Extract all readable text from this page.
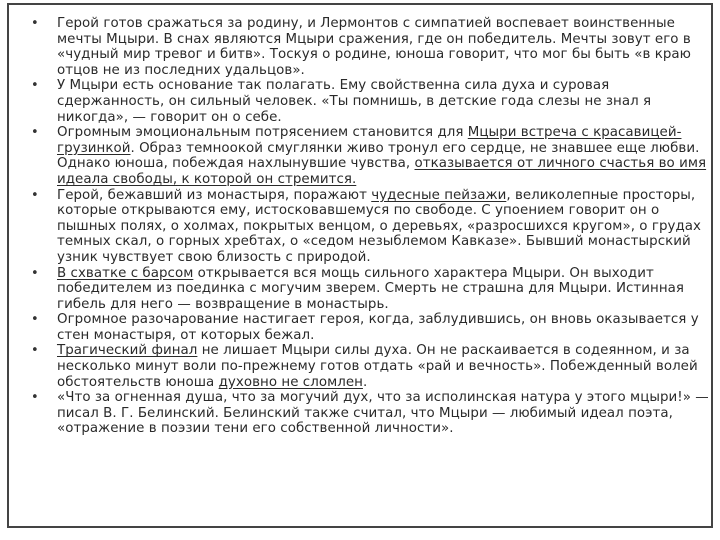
• Герой готов сражаться за родину, и Лермонтов с симпатией воспевает воинственные мечты Мцыри. В снах являются Мцыри сражения, где он победитель. Мечты зовут его в «чудный мир тревог и битв». Тоскуя о родине, юноша говорит, что мог бы быть «в краю отцов не из последних удальцов».
• У Мцыри есть основание так полагать. Ему свойственна сила духа и суровая сдержанность, он сильный человек. «Ты помнишь, в детские года слезы не знал я никогда», — говорит он о себе.
• Огромным эмоциональным потрясением становится для Мцыри встреча с красавицей-грузинкой. Образ темноокой смуглянки живо тронул его сердце, не знавшее еще любви. Однако юноша, побеждая нахлынувшие чувства, отказывается от личного счастья во имя идеала свободы, к которой он стремится.
• Герой, бежавший из монастыря, поражают чудесные пейзажи, великолепные просторы, которые открываются ему, истосковавшемуся по свободе. С упоением говорит он о пышных полях, о холмах, покрытых венцом, о деревьях, «разросшихся кругом», о грудах темных скал, о горных хребтах, о «седом незыблемом Кавказе». Бывший монастырский узник чувствует свою близость с природой.
• В схватке с барсом открывается вся мощь сильного характера Мцыри. Он выходит победителем из поединка с могучим зверем. Смерть не страшна для Мцыри. Истинная гибель для него — возвращение в монастырь.
• Огромное разочарование настигает героя, когда, заблудившись, он вновь оказывается у стен монастыря, от которых бежал.
• Трагический финал не лишает Мцыри силы духа. Он не раскаивается в содеянном, и за несколько минут воли по-прежнему готов отдать «рай и вечность». Побежденный волей обстоятельств юноша духовно не сломлен.
• «Что за огненная душа, что за могучий дух, что за исполинская натура у этого мцыри!» — писал В. Г. Белинский. Белинский также считал, что Мцыри — любимый идеал поэта, «отражение в поэзии тени его собственной личности».
